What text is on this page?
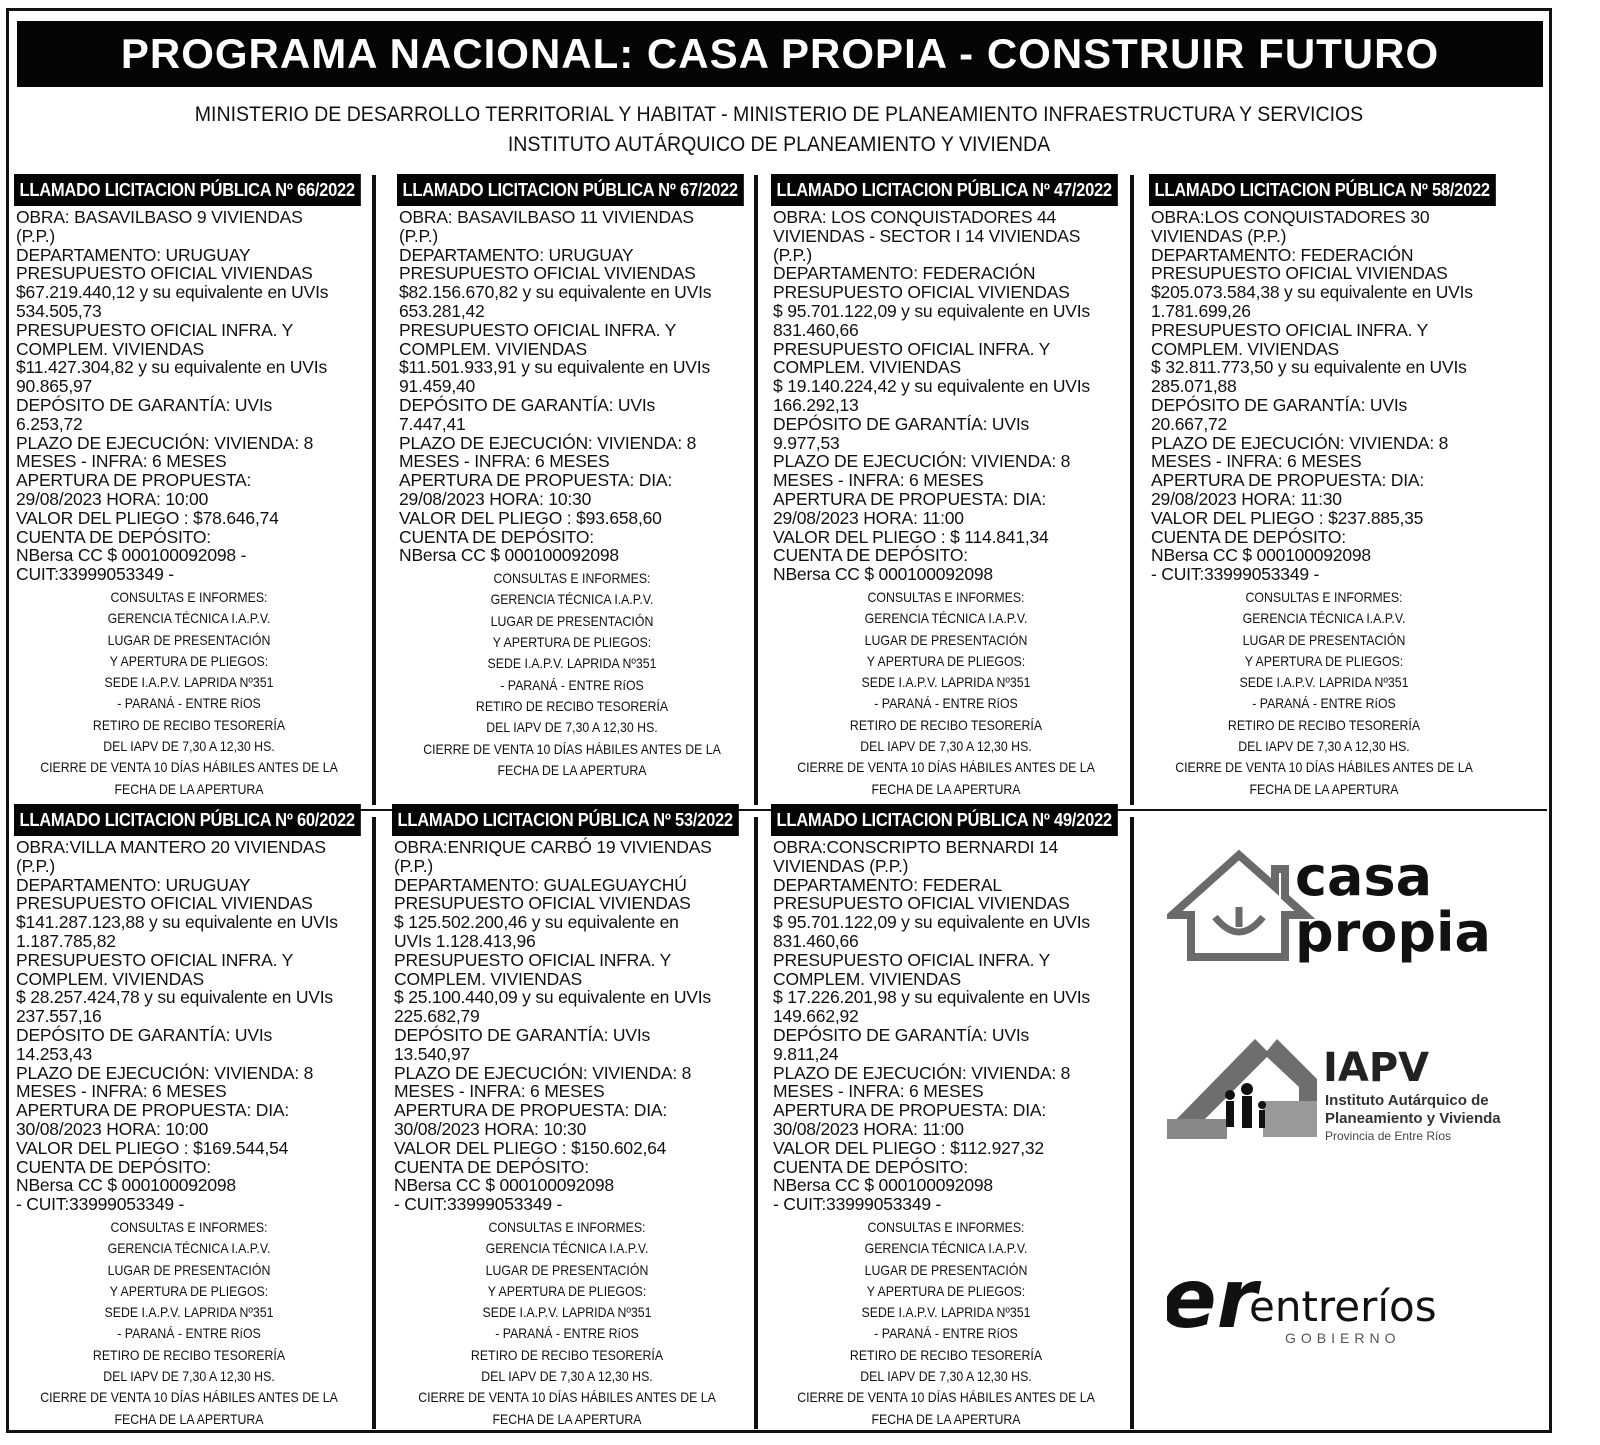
PROGRAMA NACIONAL: CASA PROPIA - CONSTRUIR FUTURO
MINISTERIO DE DESARROLLO TERRITORIAL Y HABITAT - MINISTERIO DE PLANEAMIENTO INFRAESTRUCTURA Y SERVICIOS
INSTITUTO AUTÁRQUICO DE PLANEAMIENTO Y VIVIENDA
LLAMADO LICITACION PÚBLICA Nº 66/2022
OBRA: BASAVILBASO 9 VIVIENDAS
(P.P.)
DEPARTAMENTO: URUGUAY
PRESUPUESTO OFICIAL VIVIENDAS
$67.219.440,12 y su equivalente en UVIs
534.505,73
PRESUPUESTO OFICIAL INFRA. Y
COMPLEM. VIVIENDAS
$11.427.304,82 y su equivalente en UVIs
90.865,97
DEPÓSITO DE GARANTÍA: UVIs
6.253,72
PLAZO DE EJECUCIÓN: VIVIENDA: 8
MESES - INFRA: 6 MESES
APERTURA DE PROPUESTA:
29/08/2023 HORA: 10:00
VALOR DEL PLIEGO : $78.646,74
CUENTA DE DEPÓSITO:
NBersa CC $ 000100092098 -
CUIT:33999053349 -
CONSULTAS E INFORMES:
GERENCIA TÉCNICA I.A.P.V.
LUGAR DE PRESENTACIÓN
Y APERTURA DE PLIEGOS:
SEDE I.A.P.V. LAPRIDA Nº351
- PARANÁ - ENTRE RíOS
RETIRO DE RECIBO TESORERÍA
DEL IAPV DE 7,30 A 12,30 HS.
CIERRE DE VENTA 10 DÍAS HÁBILES ANTES DE LA
FECHA DE LA APERTURA
LLAMADO LICITACION PÚBLICA Nº 67/2022
OBRA: BASAVILBASO 11 VIVIENDAS
(P.P.)
DEPARTAMENTO: URUGUAY
PRESUPUESTO OFICIAL VIVIENDAS
$82.156.670,82 y su equivalente en UVIs
653.281,42
PRESUPUESTO OFICIAL INFRA. Y
COMPLEM. VIVIENDAS
$11.501.933,91 y su equivalente en UVIs
91.459,40
DEPÓSITO DE GARANTÍA: UVIs
7.447,41
PLAZO DE EJECUCIÓN: VIVIENDA: 8
MESES - INFRA: 6 MESES
APERTURA DE PROPUESTA: DIA:
29/08/2023 HORA: 10:30
VALOR DEL PLIEGO : $93.658,60
CUENTA DE DEPÓSITO:
NBersa CC $ 000100092098
CONSULTAS E INFORMES:
GERENCIA TÉCNICA I.A.P.V.
LUGAR DE PRESENTACIÓN
Y APERTURA DE PLIEGOS:
SEDE I.A.P.V. LAPRIDA Nº351
- PARANÁ - ENTRE RíOS
RETIRO DE RECIBO TESORERÍA
DEL IAPV DE 7,30 A 12,30 HS.
CIERRE DE VENTA 10 DÍAS HÁBILES ANTES DE LA
FECHA DE LA APERTURA
LLAMADO LICITACION PÚBLICA Nº 47/2022
OBRA: LOS CONQUISTADORES 44
VIVIENDAS - SECTOR I 14 VIVIENDAS
(P.P.)
DEPARTAMENTO: FEDERACIÓN
PRESUPUESTO OFICIAL VIVIENDAS
$ 95.701.122,09 y su equivalente en UVIs
831.460,66
PRESUPUESTO OFICIAL INFRA. Y
COMPLEM. VIVIENDAS
$ 19.140.224,42 y su equivalente en UVIs
166.292,13
DEPÓSITO DE GARANTÍA: UVIs
9.977,53
PLAZO DE EJECUCIÓN: VIVIENDA: 8
MESES - INFRA: 6 MESES
APERTURA DE PROPUESTA: DIA:
29/08/2023 HORA: 11:00
VALOR DEL PLIEGO : $ 114.841,34
CUENTA DE DEPÓSITO:
NBersa CC $ 000100092098
CONSULTAS E INFORMES:
GERENCIA TÉCNICA I.A.P.V.
LUGAR DE PRESENTACIÓN
Y APERTURA DE PLIEGOS:
SEDE I.A.P.V. LAPRIDA Nº351
- PARANÁ - ENTRE RíOS
RETIRO DE RECIBO TESORERÍA
DEL IAPV DE 7,30 A 12,30 HS.
CIERRE DE VENTA 10 DÍAS HÁBILES ANTES DE LA
FECHA DE LA APERTURA
LLAMADO LICITACION PÚBLICA Nº 58/2022
OBRA:LOS CONQUISTADORES 30
VIVIENDAS (P.P.)
DEPARTAMENTO: FEDERACIÓN
PRESUPUESTO OFICIAL VIVIENDAS
$205.073.584,38 y su equivalente en UVIs
1.781.699,26
PRESUPUESTO OFICIAL INFRA. Y
COMPLEM. VIVIENDAS
$ 32.811.773,50 y su equivalente en UVIs
285.071,88
DEPÓSITO DE GARANTÍA: UVIs
20.667,72
PLAZO DE EJECUCIÓN: VIVIENDA: 8
MESES - INFRA: 6 MESES
APERTURA DE PROPUESTA: DIA:
29/08/2023 HORA: 11:30
VALOR DEL PLIEGO : $237.885,35
CUENTA DE DEPÓSITO:
NBersa CC $ 000100092098
- CUIT:33999053349 -
CONSULTAS E INFORMES:
GERENCIA TÉCNICA I.A.P.V.
LUGAR DE PRESENTACIÓN
Y APERTURA DE PLIEGOS:
SEDE I.A.P.V. LAPRIDA Nº351
- PARANÁ - ENTRE RíOS
RETIRO DE RECIBO TESORERÍA
DEL IAPV DE 7,30 A 12,30 HS.
CIERRE DE VENTA 10 DÍAS HÁBILES ANTES DE LA
FECHA DE LA APERTURA
LLAMADO LICITACION PÚBLICA Nº 60/2022
OBRA:VILLA MANTERO 20 VIVIENDAS
(P.P.)
DEPARTAMENTO: URUGUAY
PRESUPUESTO OFICIAL VIVIENDAS
$141.287.123,88 y su equivalente en UVIs
1.187.785,82
PRESUPUESTO OFICIAL INFRA. Y
COMPLEM. VIVIENDAS
$ 28.257.424,78 y su equivalente en UVIs
237.557,16
DEPÓSITO DE GARANTÍA: UVIs
14.253,43
PLAZO DE EJECUCIÓN: VIVIENDA: 8
MESES - INFRA: 6 MESES
APERTURA DE PROPUESTA: DIA:
30/08/2023 HORA: 10:00
VALOR DEL PLIEGO : $169.544,54
CUENTA DE DEPÓSITO:
NBersa CC $ 000100092098
- CUIT:33999053349 -
CONSULTAS E INFORMES:
GERENCIA TÉCNICA I.A.P.V.
LUGAR DE PRESENTACIÓN
Y APERTURA DE PLIEGOS:
SEDE I.A.P.V. LAPRIDA Nº351
- PARANÁ - ENTRE RíOS
RETIRO DE RECIBO TESORERÍA
DEL IAPV DE 7,30 A 12,30 HS.
CIERRE DE VENTA 10 DÍAS HÁBILES ANTES DE LA
FECHA DE LA APERTURA
LLAMADO LICITACION PÚBLICA Nº 53/2022
OBRA:ENRIQUE CARBÓ 19 VIVIENDAS
(P.P.)
DEPARTAMENTO: GUALEGUAYCHÚ
PRESUPUESTO OFICIAL VIVIENDAS
$ 125.502.200,46 y su equivalente en
UVIs 1.128.413,96
PRESUPUESTO OFICIAL INFRA. Y
COMPLEM. VIVIENDAS
$ 25.100.440,09 y su equivalente en UVIs
225.682,79
DEPÓSITO DE GARANTÍA: UVIs
13.540,97
PLAZO DE EJECUCIÓN: VIVIENDA: 8
MESES - INFRA: 6 MESES
APERTURA DE PROPUESTA: DIA:
30/08/2023 HORA: 10:30
VALOR DEL PLIEGO : $150.602,64
CUENTA DE DEPÓSITO:
NBersa CC $ 000100092098
- CUIT:33999053349 -
CONSULTAS E INFORMES:
GERENCIA TÉCNICA I.A.P.V.
LUGAR DE PRESENTACIÓN
Y APERTURA DE PLIEGOS:
SEDE I.A.P.V. LAPRIDA Nº351
- PARANÁ - ENTRE RíOS
RETIRO DE RECIBO TESORERÍA
DEL IAPV DE 7,30 A 12,30 HS.
CIERRE DE VENTA 10 DÍAS HÁBILES ANTES DE LA
FECHA DE LA APERTURA
LLAMADO LICITACION PÚBLICA Nº 49/2022
OBRA:CONSCRIPTO BERNARDI 14
VIVIENDAS (P.P.)
DEPARTAMENTO: FEDERAL
PRESUPUESTO OFICIAL VIVIENDAS
$ 95.701.122,09 y su equivalente en UVIs
831.460,66
PRESUPUESTO OFICIAL INFRA. Y
COMPLEM. VIVIENDAS
$ 17.226.201,98 y su equivalente en UVIs
149.662,92
DEPÓSITO DE GARANTÍA: UVIs
9.811,24
PLAZO DE EJECUCIÓN: VIVIENDA: 8
MESES - INFRA: 6 MESES
APERTURA DE PROPUESTA: DIA:
30/08/2023 HORA: 11:00
VALOR DEL PLIEGO : $112.927,32
CUENTA DE DEPÓSITO:
NBersa CC $ 000100092098
- CUIT:33999053349 -
CONSULTAS E INFORMES:
GERENCIA TÉCNICA I.A.P.V.
LUGAR DE PRESENTACIÓN
Y APERTURA DE PLIEGOS:
SEDE I.A.P.V. LAPRIDA Nº351
- PARANÁ - ENTRE RíOS
RETIRO DE RECIBO TESORERÍA
DEL IAPV DE 7,30 A 12,30 HS.
CIERRE DE VENTA 10 DÍAS HÁBILES ANTES DE LA
FECHA DE LA APERTURA
casa
propia
IAPV
Instituto Autárquico de
Planeamiento y Vivienda
Provincia de Entre Ríos
er
entreríos
GOBIERNO
